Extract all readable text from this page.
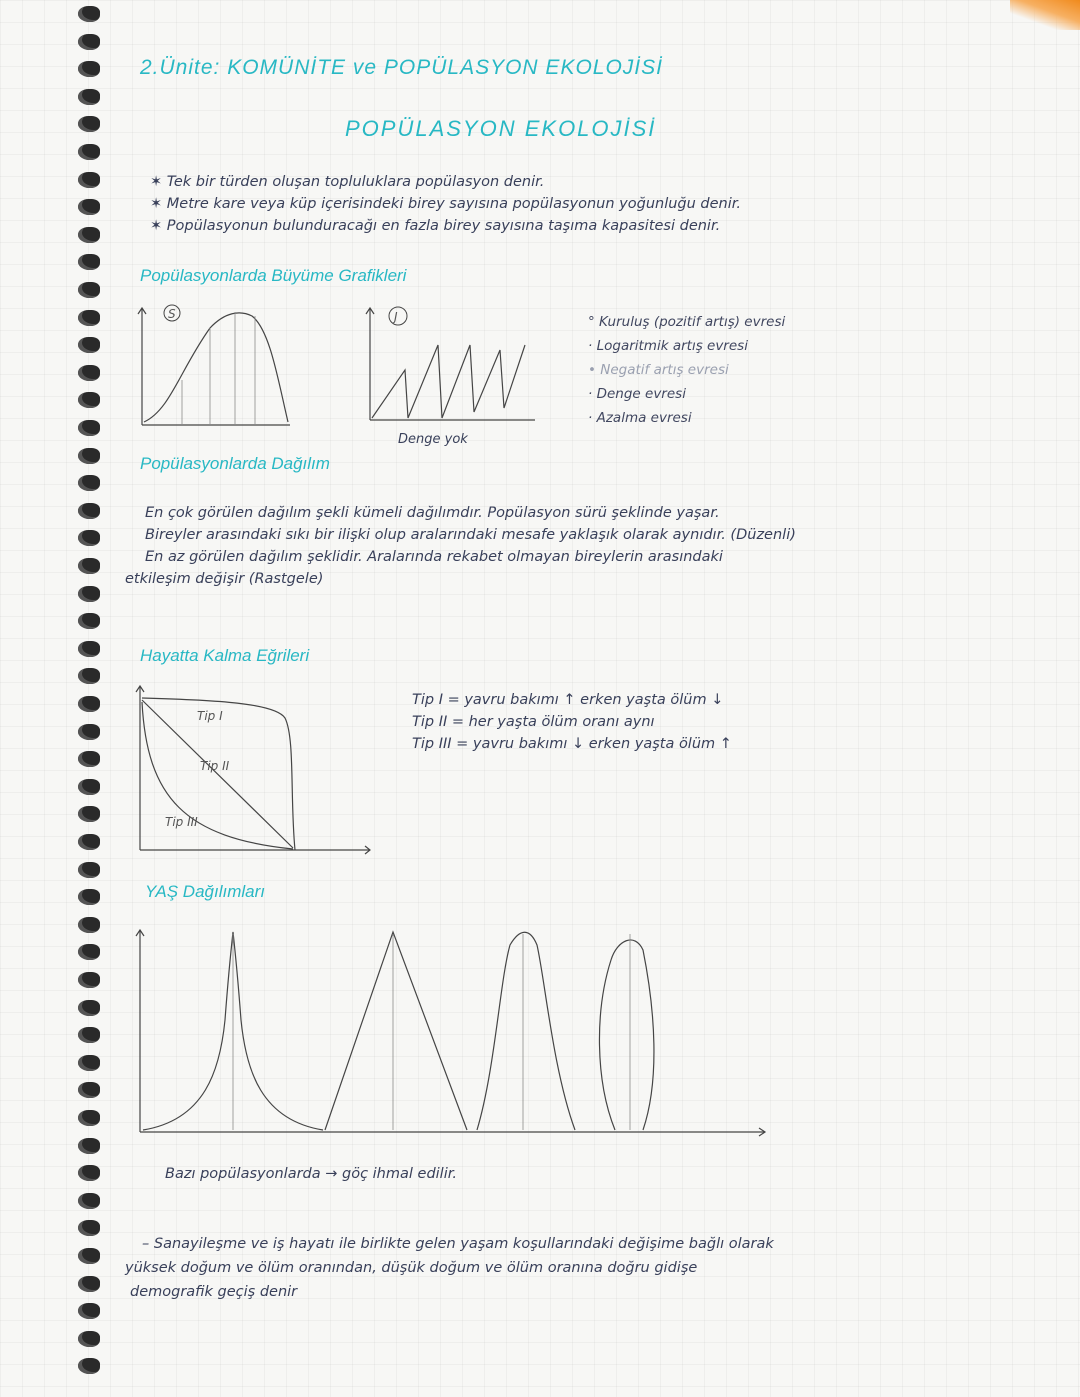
2.Ünite: KOMÜNİTE ve POPÜLASYON EKOLOJİSİ
POPÜLASYON EKOLOJİSİ
✶ Tek bir türden oluşan topluluklara popülasyon denir.
✶ Metre kare veya küp içerisindeki birey sayısına popülasyonun yoğunluğu denir.
✶ Popülasyonun bulunduracağı en fazla birey sayısına taşıma kapasitesi denir.
Popülasyonlarda Büyüme Grafikleri
S	J
Denge yok
° Kuruluş (pozitif artış) evresi
· Logaritmik artış evresi
• Negatif artış evresi
· Denge evresi
· Azalma evresi
Popülasyonlarda Dağılım
En çok görülen dağılım şekli kümeli dağılımdır. Popülasyon sürü şeklinde yaşar.
Bireyler arasındaki sıkı bir ilişki olup aralarındaki mesafe yaklaşık olarak aynıdır. (Düzenli)
En az görülen dağılım şeklidir. Aralarında rekabet olmayan bireylerin arasındaki
etkileşim değişir (Rastgele)
Hayatta Kalma Eğrileri
Tip I
Tip II
Tip III
Tip I = yavru bakımı ↑ erken yaşta ölüm ↓
Tip II = her yaşta ölüm oranı aynı
Tip III = yavru bakımı ↓ erken yaşta ölüm ↑
YAŞ Dağılımları
Bazı popülasyonlarda → göç ihmal edilir.
– Sanayileşme ve iş hayatı ile birlikte gelen yaşam koşullarındaki değişime bağlı olarak
yüksek doğum ve ölüm oranından, düşük doğum ve ölüm oranına doğru gidişe
demografik geçiş denir
